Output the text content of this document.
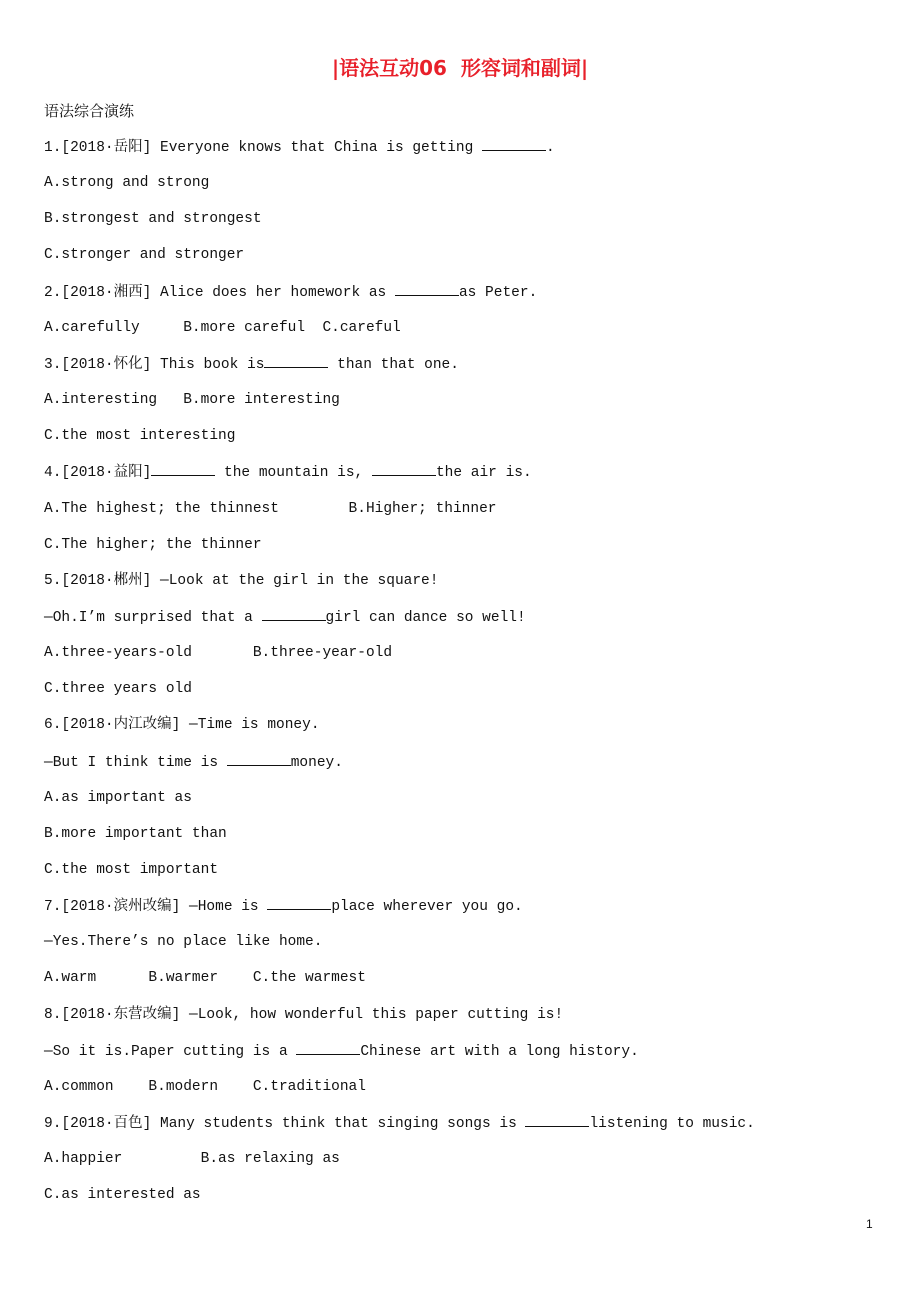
|语法互动06  形容词和副词|
语法综合演练
1.[2018·岳阳] Everyone knows that China is getting	.
A.strong and strong
B.strongest and strongest
C.stronger and stronger
2.[2018·湘西] Alice does her homework as	as Peter.
A.carefully     B.more careful  C.careful
3.[2018·怀化] This book is	than that one.
A.interesting   B.more interesting
C.the most interesting
4.[2018·益阳]	the mountain is,	the air is.
A.The highest; the thinnest        B.Higher; thinner
C.The higher; the thinner
5.[2018·郴州] —Look at the girl in the square!
—Oh.I’m surprised that a	girl can dance so well!
A.three-years-old       B.three-year-old
C.three years old
6.[2018·内江改编] —Time is money.
—But I think time is	money.
A.as important as
B.more important than
C.the most important
7.[2018·滨州改编] —Home is	place wherever you go.
—Yes.There’s no place like home.
A.warm      B.warmer    C.the warmest
8.[2018·东营改编] —Look, how wonderful this paper cutting is!
—So it is.Paper cutting is a	Chinese art with a long history.
A.common    B.modern    C.traditional
9.[2018·百色] Many students think that singing songs is	listening to music.
A.happier         B.as relaxing as
C.as interested as
1
